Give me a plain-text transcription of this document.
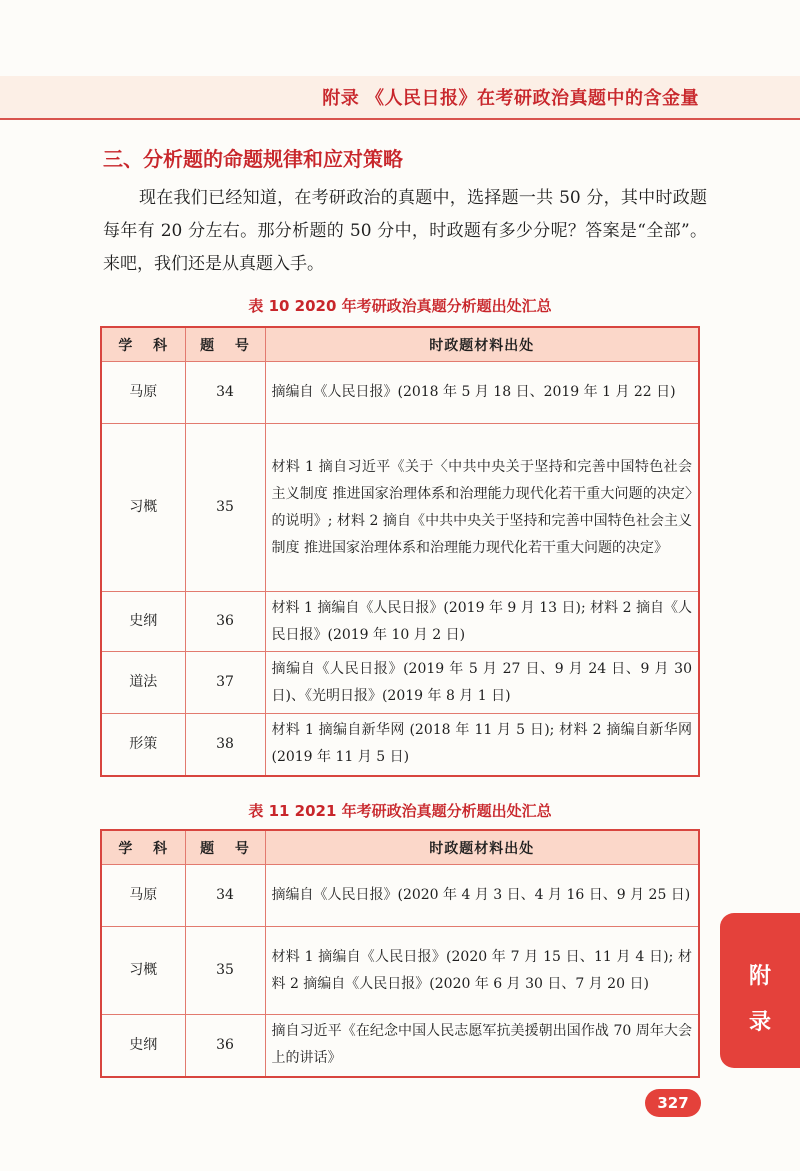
附录 《人民日报》在考研政治真题中的含金量
三、分析题的命题规律和应对策略

现在我们已经知道，在考研政治的真题中，选择题一共 50 分，其中时政题每年有 20 分左右。那分析题的 50 分中，时政题有多少分呢？答案是“全部”。来吧，我们还是从真题入手。

表 10 2020 年考研政治真题分析题出处汇总
学 科	题 号	时政题材料出处
马原	34	摘编自《人民日报》(2018 年 5 月 18 日、2019 年 1 月 22 日)
习概	35	材料 1 摘自习近平《关于〈中共中央关于坚持和完善中国特色社会主义制度 推进国家治理体系和治理能力现代化若干重大问题的决定〉的说明》; 材料 2 摘自《中共中央关于坚持和完善中国特色社会主义制度 推进国家治理体系和治理能力现代化若干重大问题的决定》
史纲	36	材料 1 摘编自《人民日报》(2019 年 9 月 13 日); 材料 2 摘自《人民日报》(2019 年 10 月 2 日)
道法	37	摘编自《人民日报》(2019 年 5 月 27 日、9 月 24 日、9 月 30 日)、《光明日报》(2019 年 8 月 1 日)
形策	38	材料 1 摘编自新华网 (2018 年 11 月 5 日); 材料 2 摘编自新华网 (2019 年 11 月 5 日)
表 11 2021 年考研政治真题分析题出处汇总
学 科	题 号	时政题材料出处
马原	34	摘编自《人民日报》(2020 年 4 月 3 日、4 月 16 日、9 月 25 日)
习概	35	材料 1 摘编自《人民日报》(2020 年 7 月 15 日、11 月 4 日); 材料 2 摘编自《人民日报》(2020 年 6 月 30 日、7 月 20 日)
史纲	36	摘自习近平《在纪念中国人民志愿军抗美援朝出国作战 70 周年大会上的讲话》
附
录
327
